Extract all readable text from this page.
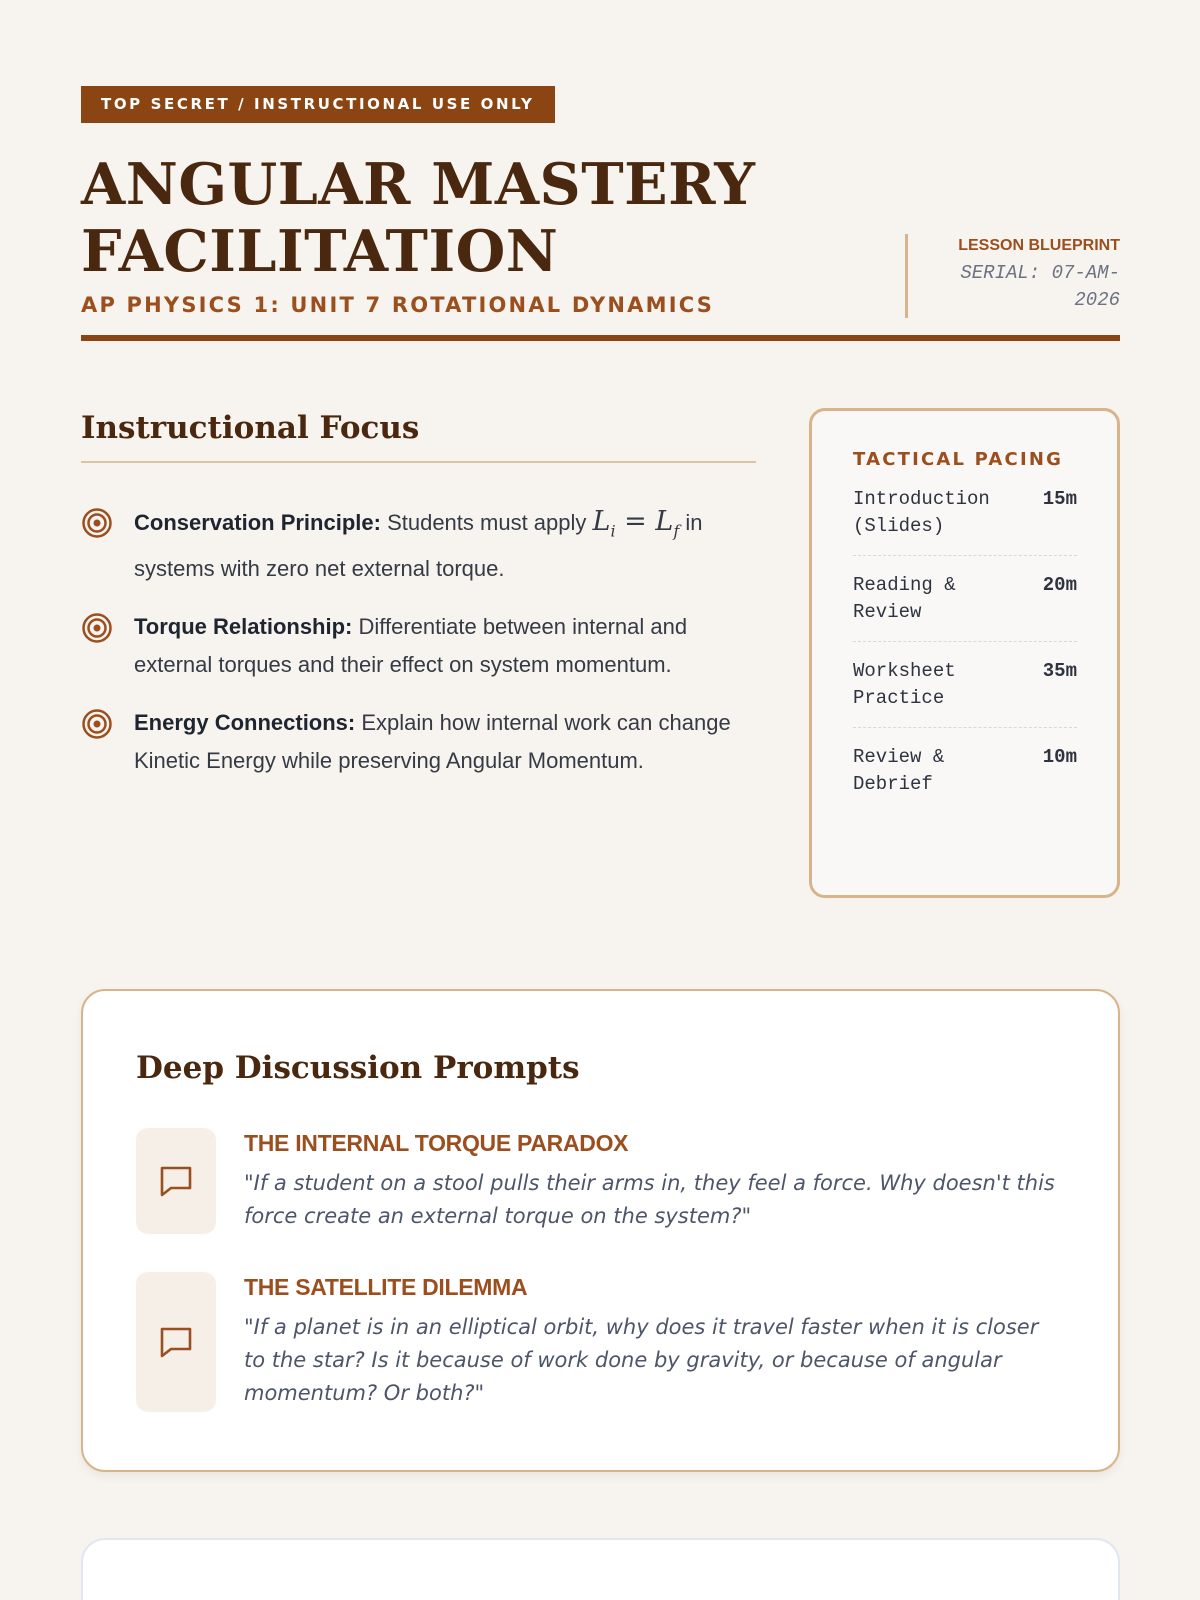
TOP SECRET / INSTRUCTIONAL USE ONLY
ANGULAR MASTERY
FACILITATION
AP PHYSICS 1: UNIT 7 ROTATIONAL DYNAMICS
LESSON BLUEPRINT
SERIAL: 07-AM-2026
Instructional Focus
Conservation Principle: Students must apply $L_i = L_f$ in systems with zero net external torque.
Torque Relationship: Differentiate between internal and external torques and their effect on system momentum.
Energy Connections: Explain how internal work can change Kinetic Energy while preserving Angular Momentum.
TACTICAL PACING
Introduction (Slides)
15m
Reading & Review
20m
Worksheet Practice
35m
Review & Debrief
10m
Deep Discussion Prompts
THE INTERNAL TORQUE PARADOX
"If a student on a stool pulls their arms in, they feel a force. Why doesn't this force create an external torque on the system?"
THE SATELLITE DILEMMA
"If a planet is in an elliptical orbit, why does it travel faster when it is closer to the star? Is it because of work done by gravity, or because of angular momentum? Or both?"
